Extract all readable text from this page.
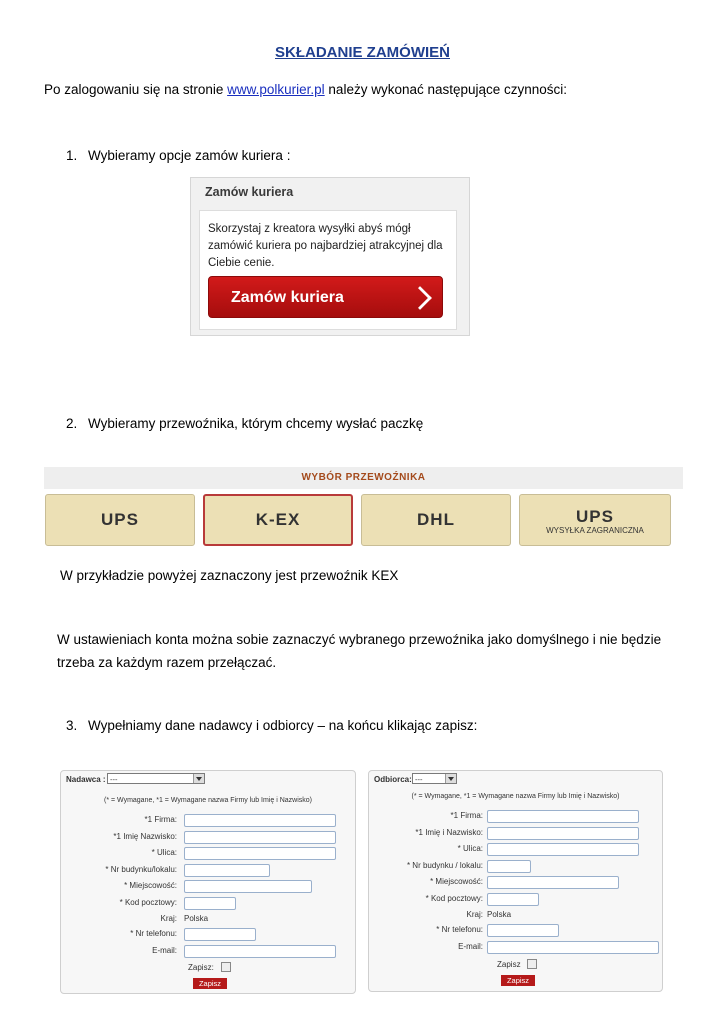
SKŁADANIE ZAMÓWIEŃ
Po zalogowaniu się na stronie www.polkurier.pl należy wykonać następujące czynności:
1. Wybieramy opcje zamów kuriera :
Zamów kuriera
Skorzystaj z kreatora wysyłki abyś mógł zamówić kuriera po najbardziej atrakcyjnej dla Ciebie cenie.
Zamów kuriera
2. Wybieramy przewoźnika, którym chcemy wysłać paczkę
WYBÓR PRZEWOŹNIKA
UPS	K-EX	DHL	UPS
WYSYŁKA ZAGRANICZNA
W przykładzie powyżej zaznaczony jest przewoźnik KEX
W ustawieniach konta można sobie zaznaczyć wybranego przewoźnika jako domyślnego i nie będzie
trzeba za każdym razem przełączać.
3. Wypełniamy dane nadawcy i odbiorcy – na końcu klikając zapisz:
Nadawca : ---
(* = Wymagane, *1 = Wymagane nazwa Firmy lub Imię i Nazwisko)
*1 Firma:
*1 Imię Nazwisko:
* Ulica:
* Nr budynku/lokalu:
* Miejscowość:
* Kod pocztowy:
Kraj: Polska
* Nr telefonu:
E-mail:
Zapisz:
Zapisz
Odbiorca: ---
(* = Wymagane, *1 = Wymagane nazwa Firmy lub Imię i Nazwisko)
*1 Firma:
*1 Imię i Nazwisko:
* Ulica:
* Nr budynku / lokalu:
* Miejscowość:
* Kod pocztowy:
Kraj: Polska
* Nr telefonu:
E-mail:
Zapisz
Zapisz
